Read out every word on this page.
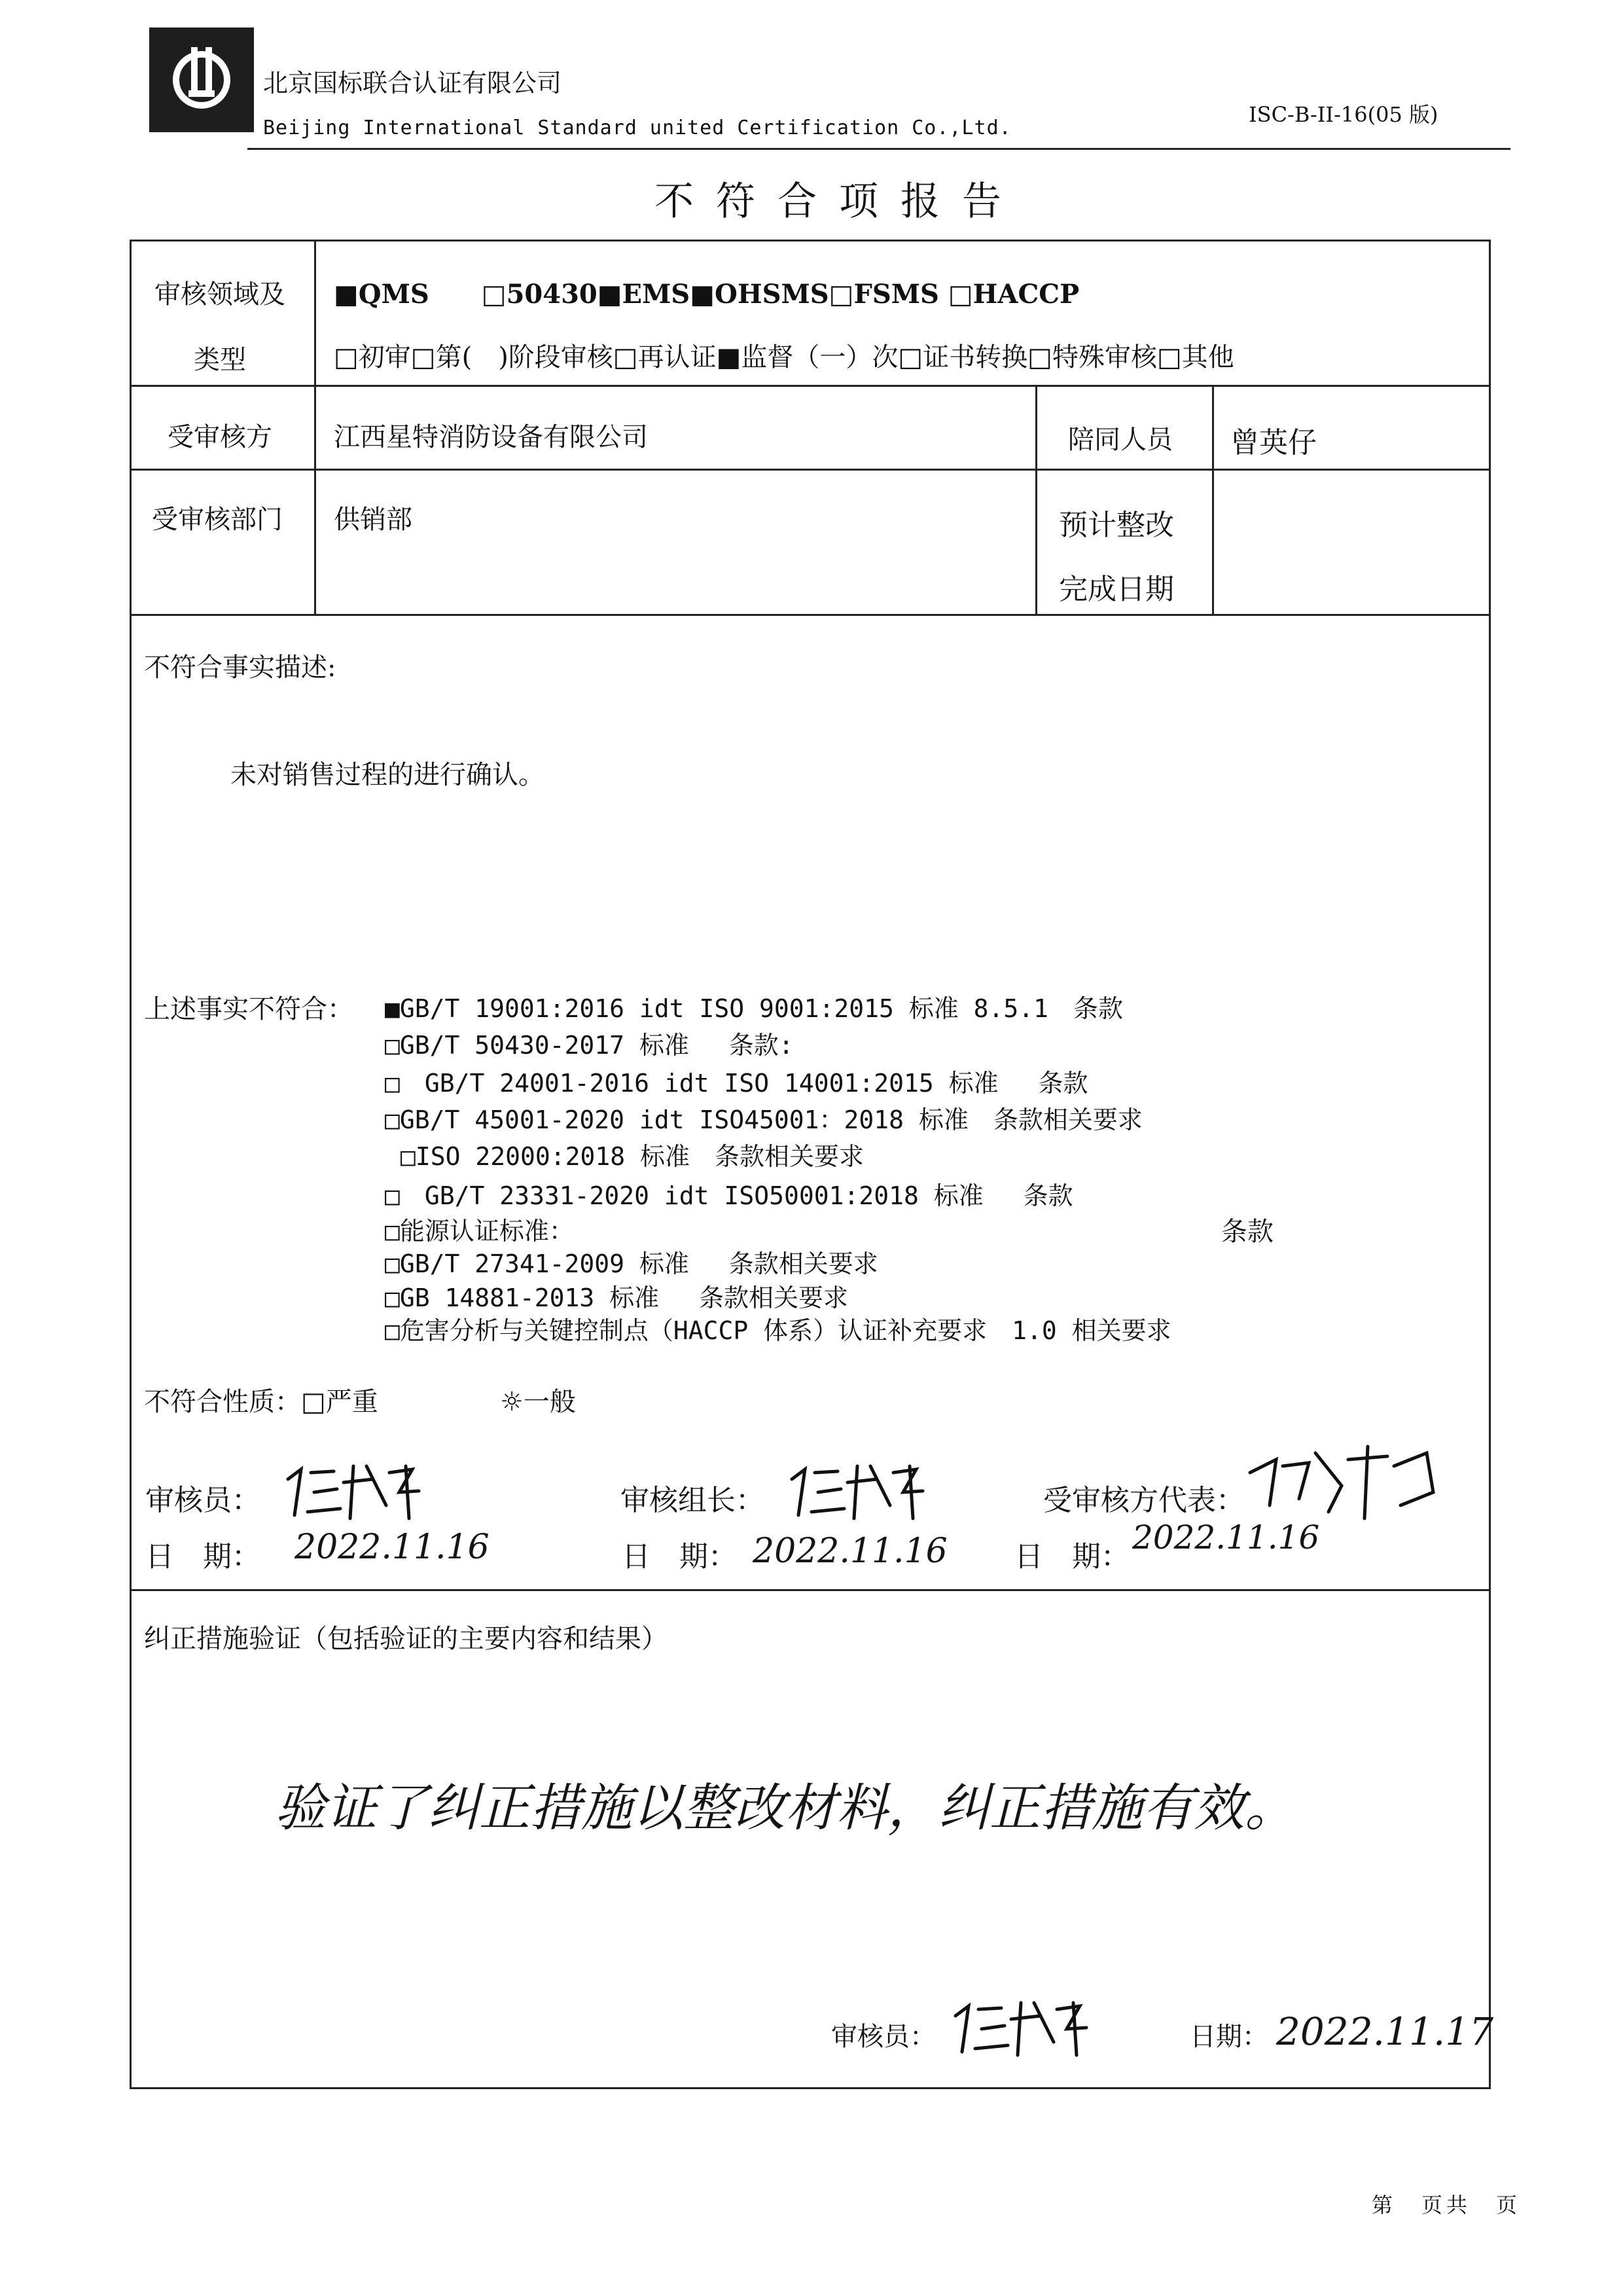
北京国标联合认证有限公司
Beijing International Standard united Certification Co.,Ltd.
ISC-B-II-16(05 版)
不符合项报告
审核领域及
类型
■QMS　　□50430■EMS■OHSMS□FSMS □HACCP
□初审□第(　)阶段审核□再认证■监督（一）次□证书转换□特殊审核□其他
受审核方 江西星特消防设备有限公司	陪同人员 曾英仔
受审核部门 供销部	预计整改
完成日期
不符合事实描述:
未对销售过程的进行确认。
上述事实不符合： ■GB/T 19001:2016 idt ISO 9001:2015 标准 8.5.1　条款
□GB/T 50430-2017 标准　 条款:
□　GB/T 24001-2016 idt ISO 14001:2015 标准　 条款
□GB/T 45001-2020 idt ISO45001：2018 标准　条款相关要求
□ISO 22000:2018 标准　条款相关要求
□　GB/T 23331-2020 idt ISO50001:2018 标准　 条款
□能源认证标准：	条款
□GB/T 27341-2009 标准　 条款相关要求
□GB 14881-2013 标准　 条款相关要求
□危害分析与关键控制点（HACCP 体系）认证补充要求　1.0 相关要求
不符合性质：□严重	☼一般
审核员：
日　期： 2022.11.16
审核组长：
日　期： 2022.11.16
受审核方代表：
日　期：
2022.11.16
纠正措施验证（包括验证的主要内容和结果）
验证了纠正措施以整改材料，纠正措施有效。
审核员：	日期： 2022.11.17
第　页共　页
